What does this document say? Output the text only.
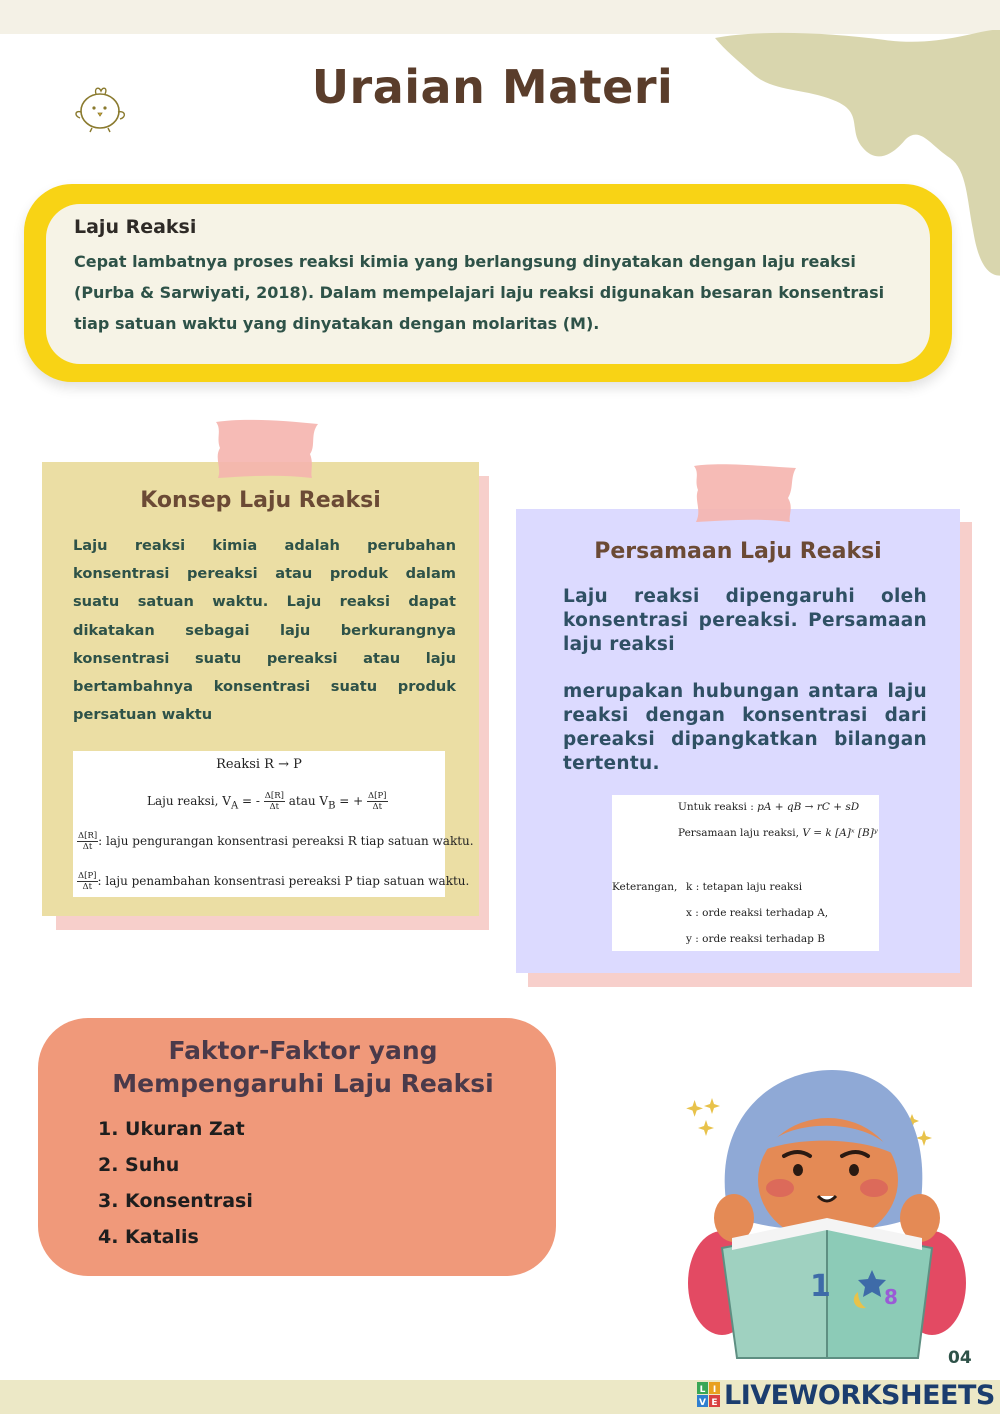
Uraian Materi
Laju Reaksi
Cepat lambatnya proses reaksi kimia yang berlangsung dinyatakan dengan laju reaksi
(Purba & Sarwiyati, 2018). Dalam mempelajari laju reaksi digunakan besaran konsentrasi
tiap satuan waktu yang dinyatakan dengan molaritas (M).
Konsep Laju Reaksi
Laju reaksi kimia adalah perubahan konsentrasi pereaksi atau produk dalam suatu satuan waktu. Laju reaksi dapat dikatakan sebagai laju berkurangnya konsentrasi suatu pereaksi atau laju bertambahnya konsentrasi suatu produk persatuan waktu
Reaksi R → P
Laju reaksi, $V_A$ = - $\frac{\Delta[R]}{\Delta t}$ atau $V_B$ = + $\frac{\Delta[P]}{\Delta t}$
$\frac{\Delta[R]}{\Delta t}$ : laju pengurangan konsentrasi pereaksi R tiap satuan waktu.
$\frac{\Delta[P]}{\Delta t}$ : laju penambahan konsentrasi pereaksi P tiap satuan waktu.
Persamaan Laju Reaksi

Laju reaksi dipengaruhi oleh konsentrasi pereaksi. Persamaan laju reaksi

merupakan hubungan antara laju reaksi dengan konsentrasi dari pereaksi dipangkatkan bilangan tertentu.

Untuk reaksi : pA + qB → rC + sD
Persamaan laju reaksi, V = k [A]ˣ [B]ʸ
Keterangan, k : tetapan laju reaksi
x : orde reaksi terhadap A,
y : orde reaksi terhadap B
Faktor-Faktor yang
Mempengaruhi Laju Reaksi
1. Ukuran Zat
2. Suhu
3. Konsentrasi
4. Katalis
1	8
04
L I
V E LIVEWORKSHEETS
